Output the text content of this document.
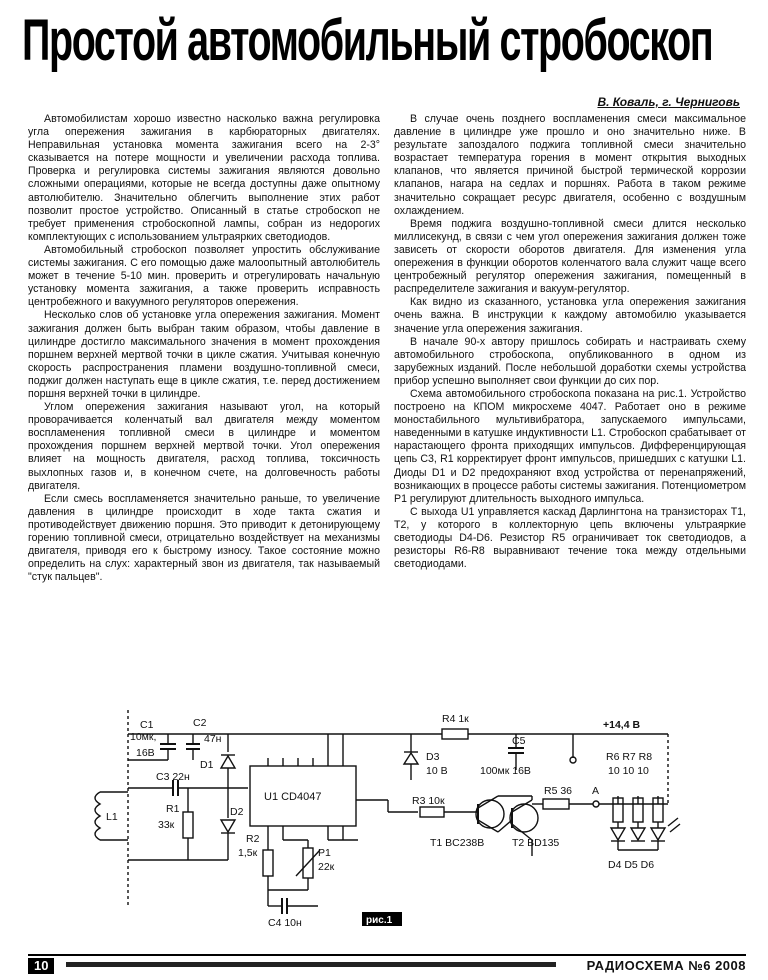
Простой автомобильный стробоскоп
В. Коваль, г. Черниговь

Автомобилистам хорошо известно насколько важна регулировка угла опережения зажигания в карбюраторных двигателях. Неправильная установка момента зажигания всего на 2-3° сказывается на потере мощности и увеличении расхода топлива. Проверка и регулировка системы зажигания являются довольно сложными операциями, которые не всегда доступны даже опытному автолюбителю. Значительно облегчить выполнение этих работ позволит простое устройство. Описанный в статье стробоскоп не требует применения стробоскопной лампы, собран из недорогих комплектующих с использованием ультраярких светодиодов.

Автомобильный стробоскоп позволяет упростить обслуживание системы зажигания. С его помощью даже малоопытный автолюбитель может в течение 5-10 мин. проверить и отрегулировать начальную установку момента зажигания, а также проверить исправность центробежного и вакуумного регуляторов опережения.

Несколько слов об установке угла опережения зажигания. Момент зажигания должен быть выбран таким образом, чтобы давление в цилиндре достигло максимального значения в момент прохождения поршнем верхней мертвой точки в цикле сжатия. Учитывая конечную скорость распространения пламени воздушно-топливной смеси, поджиг должен наступать еще в цикле сжатия, т.е. перед достижением поршня верхней точки в цилиндре.

Углом опережения зажигания называют угол, на который проворачивается коленчатый вал двигателя между моментом воспламенения топливной смеси в цилиндре и моментом прохождения поршнем верхней мертвой точки. Угол опережения влияет на мощность двигателя, расход топлива, токсичность выхлопных газов и, в конечном счете, на долговечность работы двигателя.

Если смесь воспламеняется значительно раньше, то увеличение давления в цилиндре происходит в ходе такта сжатия и противодействует движению поршня. Это приводит к детонирующему горению топливной смеси, отрицательно воздействует на механизмы двигателя, приводя его к быстрому износу. Такое состояние можно определить на слух: характерный звон из двигателя, так называемый "стук пальцев".

В случае очень позднего воспламенения смеси максимальное давление в цилиндре уже прошло и оно значительно ниже. В результате запоздалого поджига топливной смеси значительно возрастает температура горения в момент открытия выходных клапанов, что является причиной быстрой термической коррозии клапанов, нагара на седлах и поршнях. Работа в таком режиме значительно сокращает ресурс двигателя, особенно с воздушным охлаждением.

Время поджига воздушно-топливной смеси длится несколько миллисекунд, в связи с чем угол опережения зажигания должен тоже зависеть от скорости оборотов двигателя. Для изменения угла опережения в функции оборотов коленчатого вала служит чаще всего центробежный регулятор опережения зажигания, помещенный в распределителе зажигания и вакуум-регулятор.

Как видно из сказанного, установка угла опережения зажигания очень важна. В инструкции к каждому автомобилю указывается значение угла опережения зажигания.

В начале 90-х автору пришлось собирать и настраивать схему автомобильного стробоскопа, опубликованного в одном из зарубежных изданий. После небольшой доработки схемы устройства прибор успешно выполняет свои функции до сих пор.

Схема автомобильного стробоскопа показана на рис.1. Устройство построено на КПОМ микросхеме 4047. Работает оно в режиме моностабильного мультивибратора, запускаемого импульсами, наведенными в катушке индуктивности L1. Стробоскоп срабатывает от нарастающего фронта приходящих импульсов. Дифференцирующая цепь C3, R1 корректирует фронт импульсов, пришедших с катушки L1. Диоды D1 и D2 предохраняют вход устройства от перенапряжений, возникающих в процессе работы системы зажигания. Потенциометром P1 регулируют длительность выходного импульса.

С выхода U1 управляется каскад Дарлингтона на транзисторах T1, T2, у которого в коллекторную цепь включены ультраяркие светодиоды D4-D6. Резистор R5 ограничивает ток светодиодов, а резисторы R6-R8 выравнивают течение тока между отдельными светодиодами.

C1
10мк,
16В
C2
47н
D1
C3 22н
L1
R1
33к
D2
U1 CD4047
R2
1,5к	P1
22к
C4 10н
D3
10 В
R4 1к
C5
100мк 16В
R3 10к
T1 BC238B	T2 BD135
R5 36 A
+14,4 В
R6 R7 R8
10 10 10
D4 D5 D6
рис.1
10	РАДИОСХЕМА №6 2008
